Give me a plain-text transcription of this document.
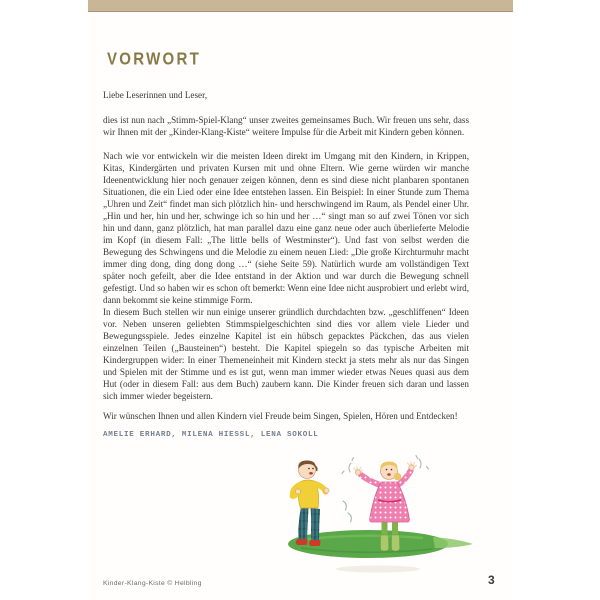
VORWORT

Liebe Leserinnen und Leser,

dies ist nun nach „Stimm-Spiel-Klang“ unser zweites gemeinsames Buch. Wir freuen uns sehr, dass wir Ihnen mit der „Kinder-Klang-Kiste“ weitere Impulse für die Arbeit mit Kindern geben können.

Nach wie vor entwickeln wir die meisten Ideen direkt im Umgang mit den Kindern, in Krippen, Kitas, Kindergärten und privaten Kursen mit und ohne Eltern. Wie gerne würden wir manche Ideenentwicklung hier noch genauer zeigen können, denn es sind diese nicht planbaren spontanen Situationen, die ein Lied oder eine Idee entstehen lassen. Ein Beispiel: In einer Stunde zum Thema „Uhren und Zeit“ findet man sich plötzlich hin- und herschwingend im Raum, als Pendel einer Uhr. „Hin und her, hin und her, schwinge ich so hin und her …“ singt man so auf zwei Tönen vor sich hin und dann, ganz plötzlich, hat man parallel dazu eine ganz neue oder auch überlieferte Melodie im Kopf (in diesem Fall: „The little bells of Westminster“). Und fast von selbst werden die Bewegung des Schwingens und die Melodie zu einem neuen Lied: „Die große Kirchturmuhr macht immer ding dong, ding dong dong …“ (siehe Seite 59). Natürlich wurde am vollständigen Text später noch gefeilt, aber die Idee entstand in der Aktion und war durch die Bewegung schnell gefestigt. Und so haben wir es schon oft bemerkt: Wenn eine Idee nicht ausprobiert und erlebt wird, dann bekommt sie keine stimmige Form.

In diesem Buch stellen wir nun einige unserer gründlich durchdachten bzw. „geschliffenen“ Ideen vor. Neben unseren geliebten Stimmspielgeschichten sind dies vor allem viele Lieder und Bewegungsspiele. Jedes einzelne Kapitel ist ein hübsch gepacktes Päckchen, das aus vielen einzelnen Teilen („Bausteinen“) besteht. Die Kapitel spiegeln so das typische Arbeiten mit Kindergruppen wider: In einer Themeneinheit mit Kindern steckt ja stets mehr als nur das Singen und Spielen mit der Stimme und es ist gut, wenn man immer wieder etwas Neues quasi aus dem Hut (oder in diesem Fall: aus dem Buch) zaubern kann. Die Kinder freuen sich daran und lassen sich immer wieder begeistern.

Wir wünschen Ihnen und allen Kindern viel Freude beim Singen, Spielen, Hören und Entdecken!

AMELIE ERHARD, MILENA HIESSL, LENA SOKOLL

Kinder-Klang-Kiste © Helbling	3
